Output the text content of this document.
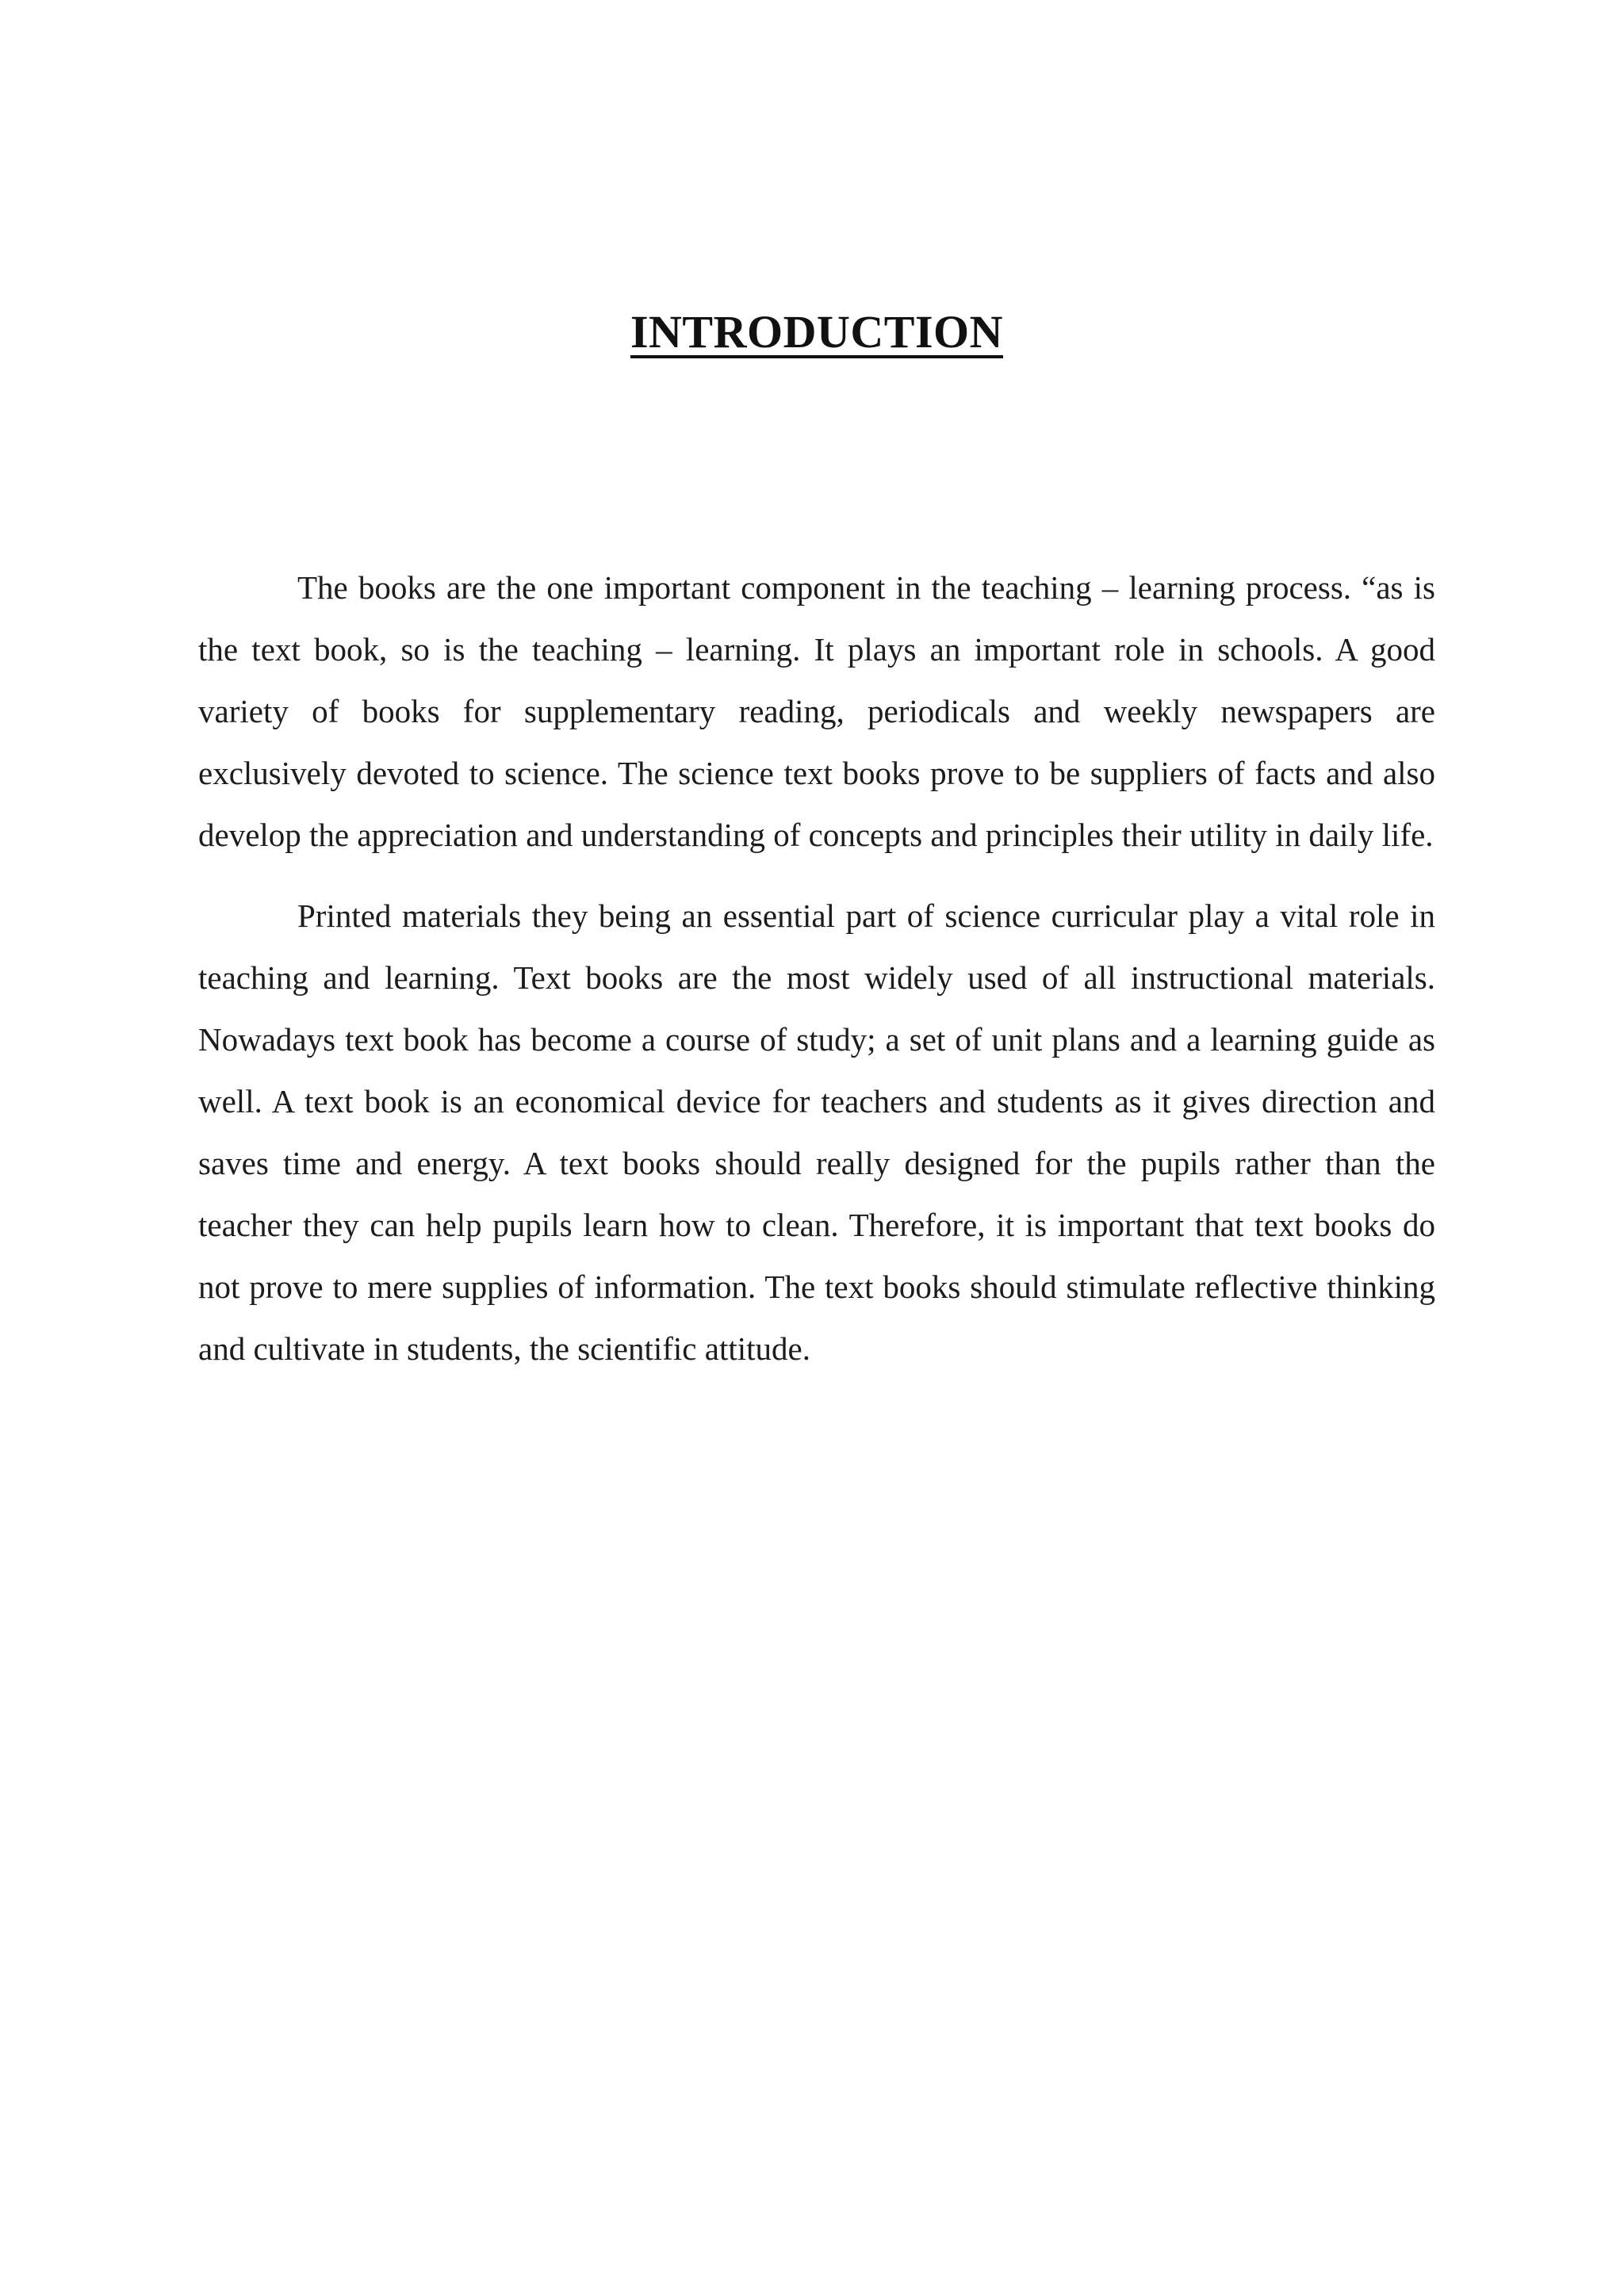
INTRODUCTION

The books are the one important component in the teaching – learning process. “as is the text book, so is the teaching – learning. It plays an important role in schools. A good variety of books for supplementary reading, periodicals and weekly newspapers are exclusively devoted to science. The science text books prove to be suppliers of facts and also develop the appreciation and understanding of concepts and principles their utility in daily life.

Printed materials they being an essential part of science curricular play a vital role in teaching and learning. Text books are the most widely used of all instructional materials. Nowadays text book has become a course of study; a set of unit plans and a learning guide as well. A text book is an economical device for teachers and students as it gives direction and saves time and energy. A text books should really designed for the pupils rather than the teacher they can help pupils learn how to clean. Therefore, it is important that text books do not prove to mere supplies of information. The text books should stimulate reflective thinking and cultivate in students, the scientific attitude.
